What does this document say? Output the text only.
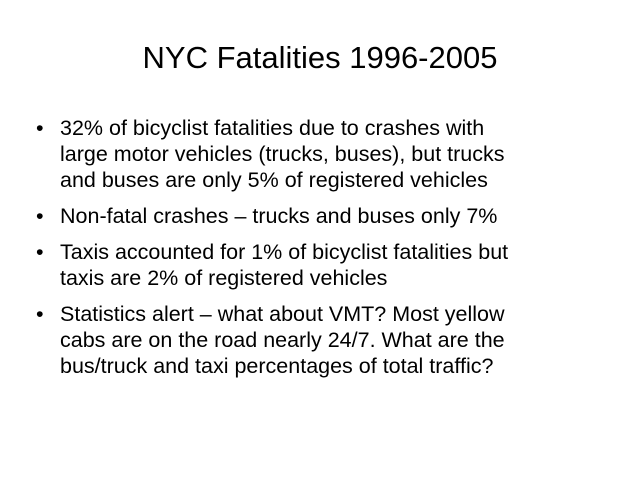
NYC Fatalities 1996-2005
• 32% of bicyclist fatalities due to crashes with
large motor vehicles (trucks, buses), but trucks
and buses are only 5% of registered vehicles
• Non-fatal crashes – trucks and buses only 7%
• Taxis accounted for 1% of bicyclist fatalities but
taxis are 2% of registered vehicles
• Statistics alert – what about VMT? Most yellow
cabs are on the road nearly 24/7. What are the
bus/truck and taxi percentages of total traffic?
